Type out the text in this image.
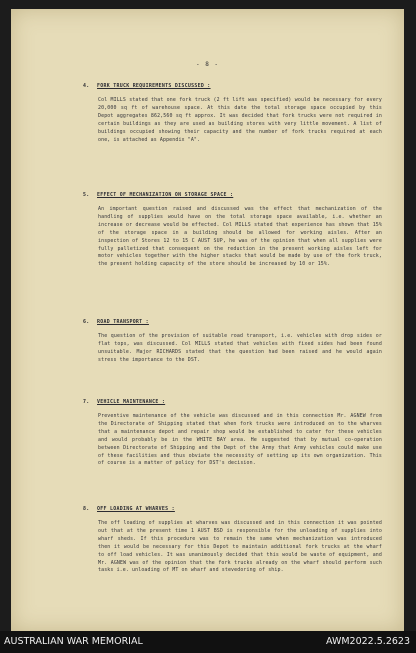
- 8 -
4. FORK TRUCK REQUIREMENTS DISCUSSED :
Col MILLS stated that one fork truck (2 ft lift was specified) would be necessary for every 20,000 sq ft of warehouse space. At this date the total storage space occupied by this Depot aggregates 862,560 sq ft approx. It was decided that fork trucks were not required in certain buildings as they are used as building stores with very little movement. A list of buildings occupied showing their capacity and the number of fork trucks required at each one, is attached as Appendix "A".
5. EFFECT OF MECHANIZATION ON STORAGE SPACE :
An important question raised and discussed was the effect that mechanization of the handling of supplies would have on the total storage space available, i.e. whether an increase or decrease would be effected. Col MILLS stated that experience has shown that 15% of the storage space in a building should be allowed for working aisles. After an inspection of Stores 12 to 15 C AUST SUP, he was of the opinion that when all supplies were fully palletized that consequent on the reduction in the present working aisles left for motor vehicles together with the higher stacks that would be made by use of the fork truck, the present holding capacity of the store should be increased by 10 or 15%.
6. ROAD TRANSPORT :
The question of the provision of suitable road transport, i.e. vehicles with drop sides or flat tops, was discussed. Col MILLS stated that vehicles with fixed sides had been found unsuitable. Major RICHARDS stated that the question had been raised and he would again stress the importance to the DST.
7. VEHICLE MAINTENANCE :
Preventive maintenance of the vehicle was discussed and in this connection Mr. AGNEW from the Directorate of Shipping stated that when fork trucks were introduced on to the wharves that a maintenance depot and repair shop would be established to cater for these vehicles and would probably be in the WHITE BAY area. He suggested that by mutual co-operation between Directorate of Shipping and the Dept of the Army that Army vehicles could make use of these facilities and thus obviate the necessity of setting up its own organization. This of course is a matter of policy for DST's decision.
8. OFF LOADING AT WHARVES :
The off loading of supplies at wharves was discussed and in this connection it was pointed out that at the present time 1 AUST BSD is responsible for the unloading of supplies into wharf sheds. If this procedure was to remain the same when mechanization was introduced then it would be necessary for this Depot to maintain additional fork trucks at the wharf to off load vehicles. It was unanimously decided that this would be waste of equipment, and Mr. AGNEW was of the opinion that the fork trucks already on the wharf should perform such tasks i.e. unloading of MT on wharf and stevedoring of ship.
AUSTRALIAN WAR MEMORIAL	AWM2022.5.2623
